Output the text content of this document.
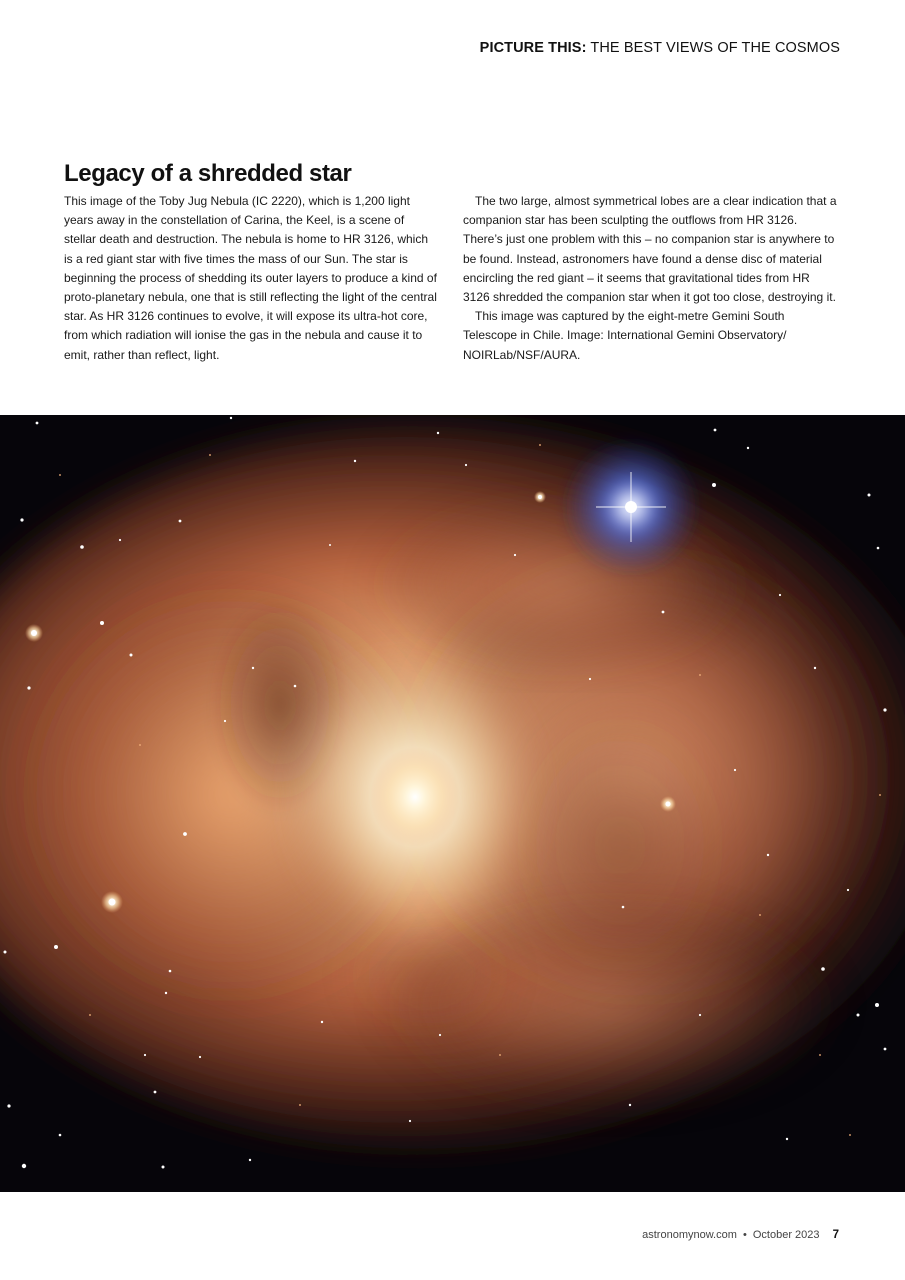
PICTURE THIS: THE BEST VIEWS OF THE COSMOS
Legacy of a shredded star

This image of the Toby Jug Nebula (IC 2220), which is 1,200 light years away in the constellation of Carina, the Keel, is a scene of stellar death and destruction. The nebula is home to HR 3126, which is a red giant star with five times the mass of our Sun. The star is beginning the process of shedding its outer layers to produce a kind of proto-planetary nebula, one that is still reflecting the light of the central star. As HR 3126 continues to evolve, it will expose its ultra-hot core, from which radiation will ionise the gas in the nebula and cause it to emit, rather than reflect, light.

The two large, almost symmetrical lobes are a clear indication that a companion star has been sculpting the outflows from HR 3126. There’s just one problem with this – no companion star is anywhere to be found. Instead, astronomers have found a dense disc of material encircling the red giant – it seems that gravitational tides from HR 3126 shredded the companion star when it got too close, destroying it.

This image was captured by the eight-metre Gemini South Telescope in Chile. Image: International Gemini Observatory/ NOIRLab/NSF/AURA.

astronomynow.com • October 2023 7
